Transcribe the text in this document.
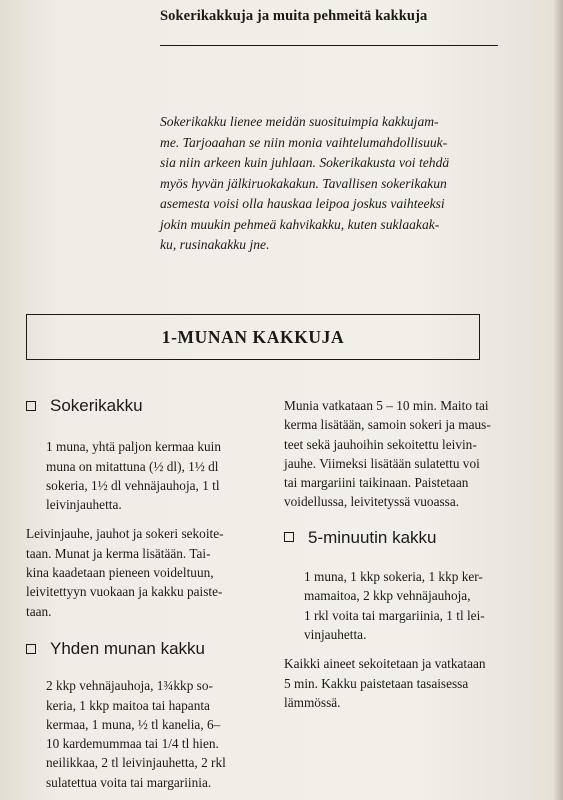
Sokerikakkuja ja muita pehmeitä kakkuja

Sokerikakku lienee meidän suosituimpia kakkujam-

me. Tarjoaahan se niin monia vaihtelumahdollisuuk-

sia niin arkeen kuin juhlaan. Sokerikakusta voi tehdä

myös hyvän jälkiruokakakun. Tavallisen sokerikakun

asemesta voisi olla hauskaa leipoa joskus vaihteeksi

jokin muukin pehmeä kahvikakku, kuten suklaakak-

ku, rusinakakku jne.

1-MUNAN KAKKUJA
Sokerikakku
1 muna, yhtä paljon kermaa kuin
muna on mitattuna (½ dl), 1½ dl
sokeria, 1½ dl vehnäjauhoja, 1 tl
leivinjauhetta.
Leivinjauhe, jauhot ja sokeri sekoite-
taan. Munat ja kerma lisätään. Tai-
kina kaadetaan pieneen voideltuun,
leivitettyyn vuokaan ja kakku paiste-
taan.
Yhden munan kakku
2 kkp vehnäjauhoja, 1¾kkp so-
keria, 1 kkp maitoa tai hapanta
kermaa, 1 muna, ½ tl kanelia, 6–
10 kardemummaa tai 1/4 tl hien.
neilikkaa, 2 tl leivinjauhetta, 2 rkl
sulatettua voita tai margariinia.
Munia vatkataan 5 – 10 min. Maito tai
kerma lisätään, samoin sokeri ja maus-
teet sekä jauhoihin sekoitettu leivin-
jauhe. Viimeksi lisätään sulatettu voi
tai margariini taikinaan. Paistetaan
voidellussa, leivitetyssä vuoassa.
5-minuutin kakku
1 muna, 1 kkp sokeria, 1 kkp ker-
mamaitoa, 2 kkp vehnäjauhoja,
1 rkl voita tai margariinia, 1 tl lei-
vinjauhetta.
Kaikki aineet sekoitetaan ja vatkataan
5 min. Kakku paistetaan tasaisessa
lämmössä.
